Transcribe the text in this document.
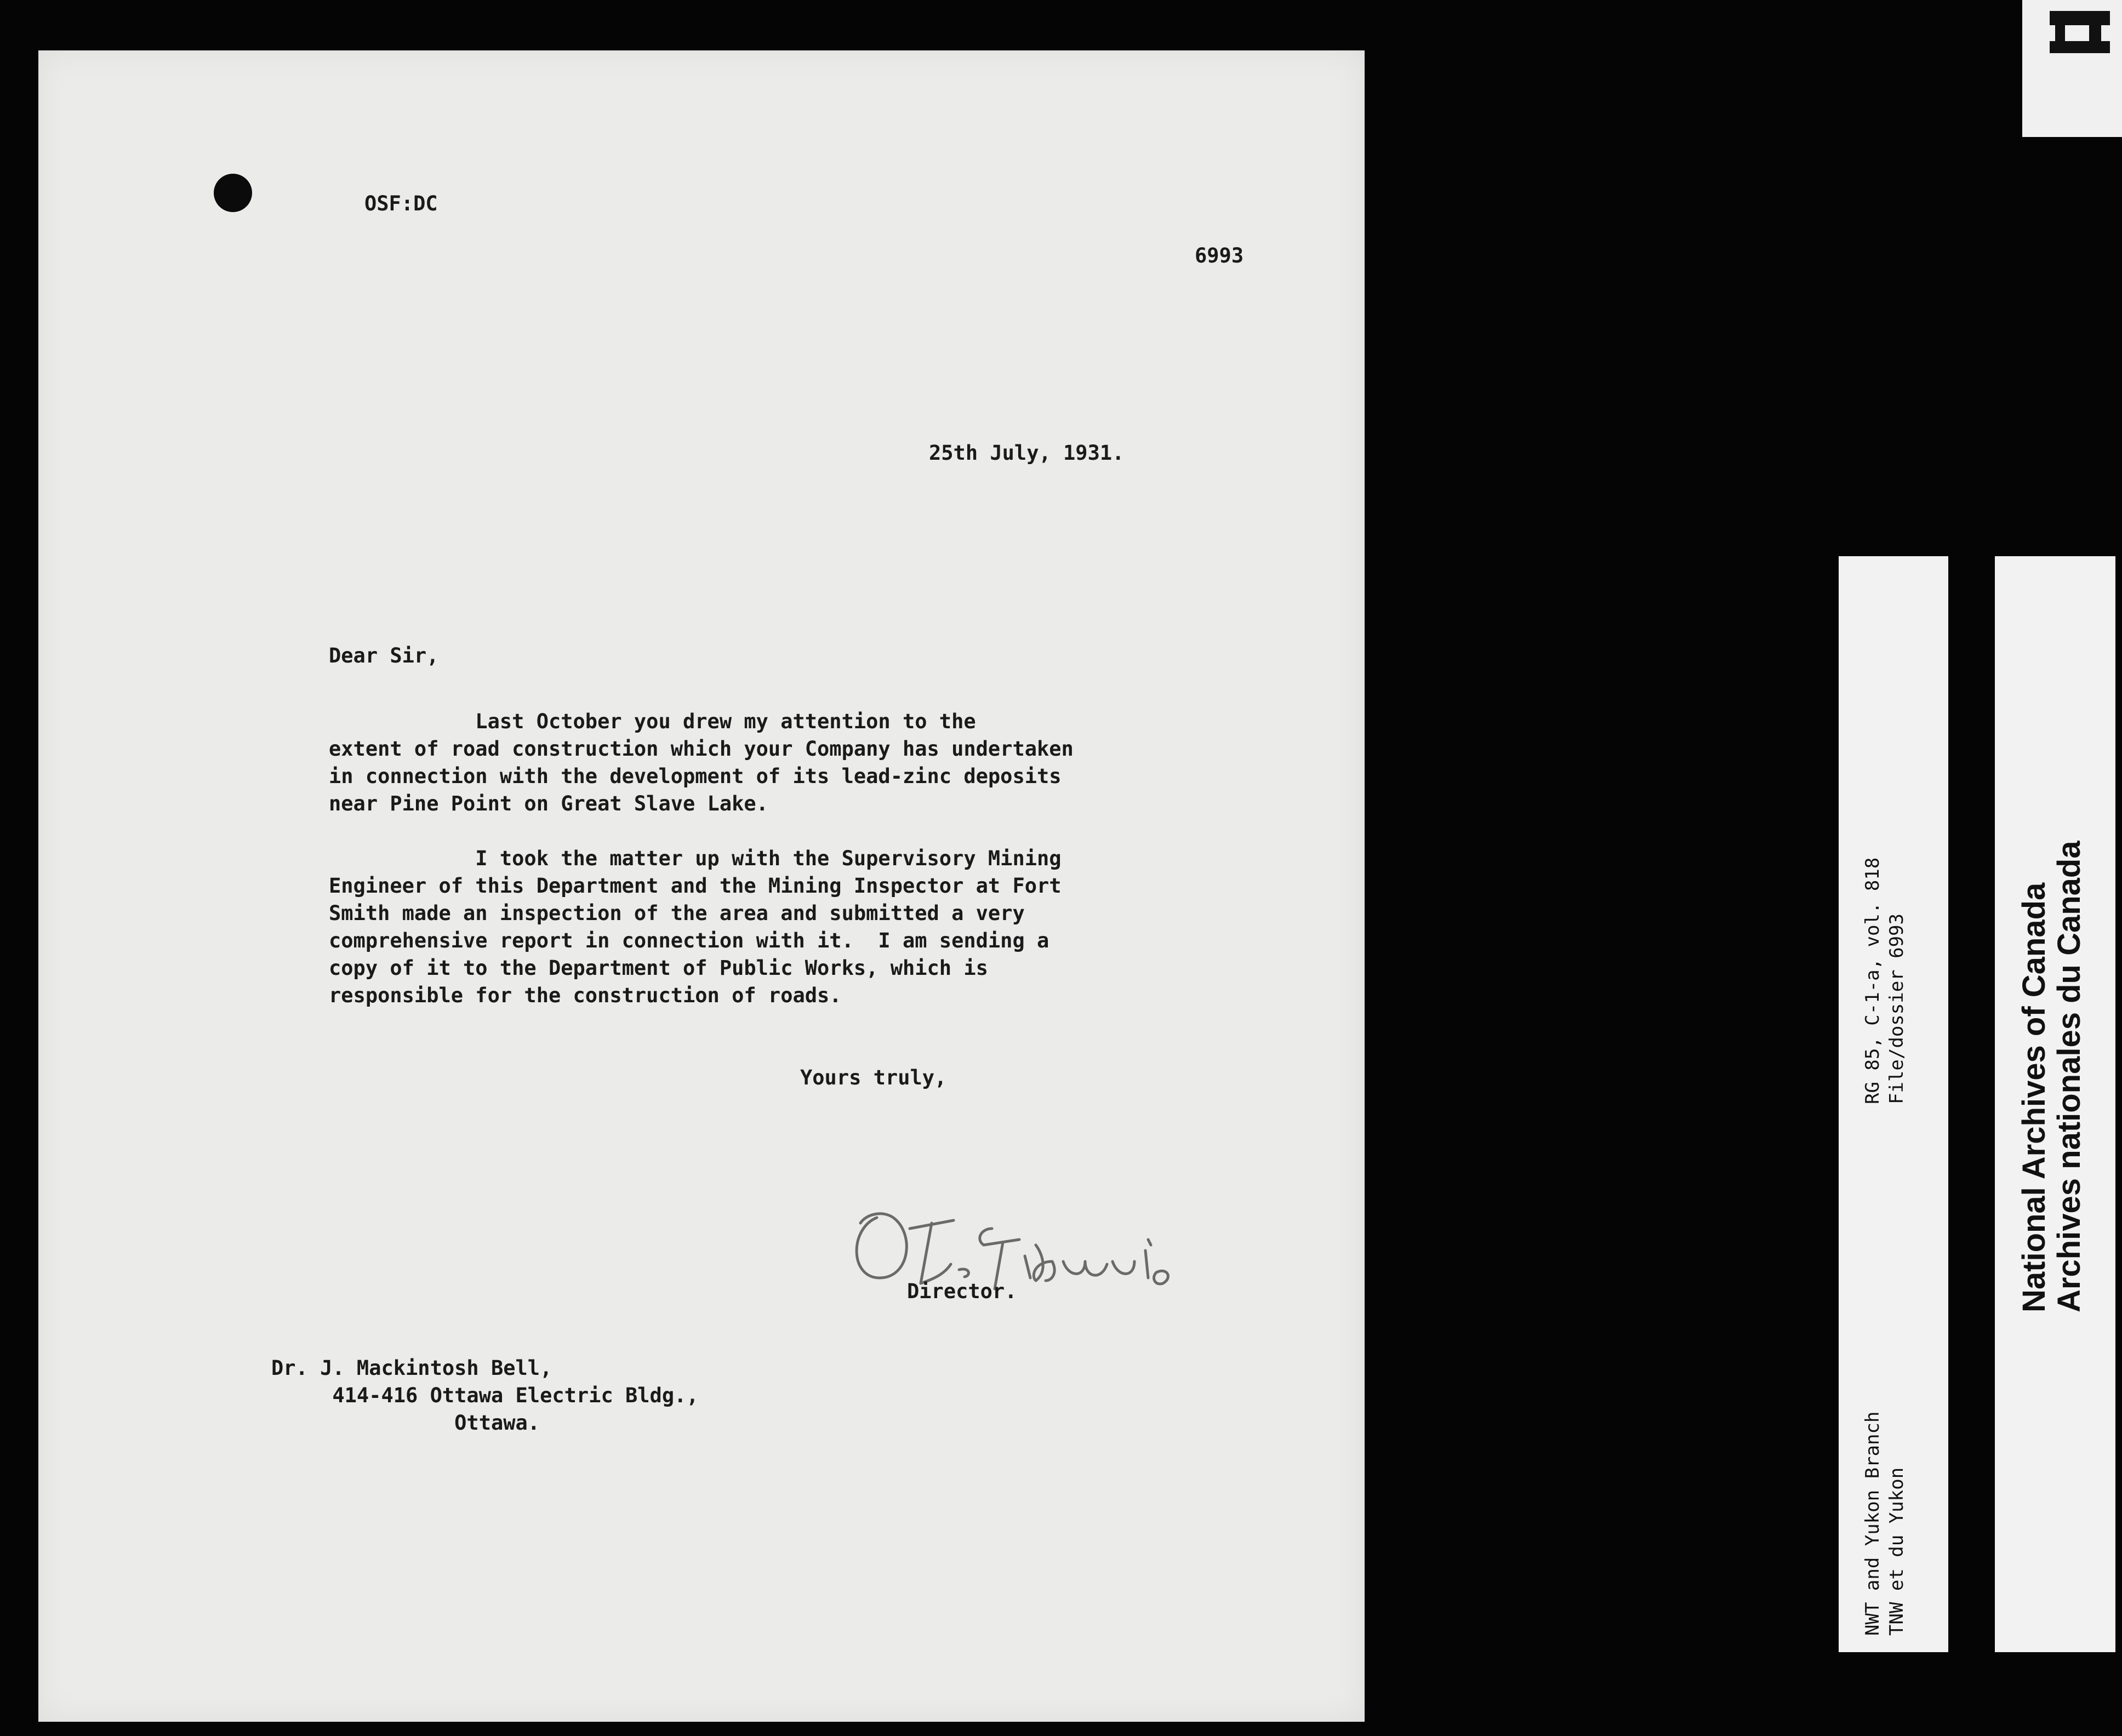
OSF:DC

6993

25th July, 1931.

Dear Sir,

Last October you drew my attention to the
extent of road construction which your Company has undertaken
in connection with the development of its lead-zinc deposits
near Pine Point on Great Slave Lake.

I took the matter up with the Supervisory Mining
Engineer of this Department and the Mining Inspector at Fort
Smith made an inspection of the area and submitted a very
comprehensive report in connection with it.  I am sending a
copy of it to the Department of Public Works, which is
responsible for the construction of roads.

Yours truly,

Director.

Dr. J. Mackintosh Bell,
414-416 Ottawa Electric Bldg.,
Ottawa.

RG 85, C-1-a, vol. 818 File/dossier 6993
NWT and Yukon Branch TNW et du Yukon
National Archives of Canada Archives nationales du Canada
